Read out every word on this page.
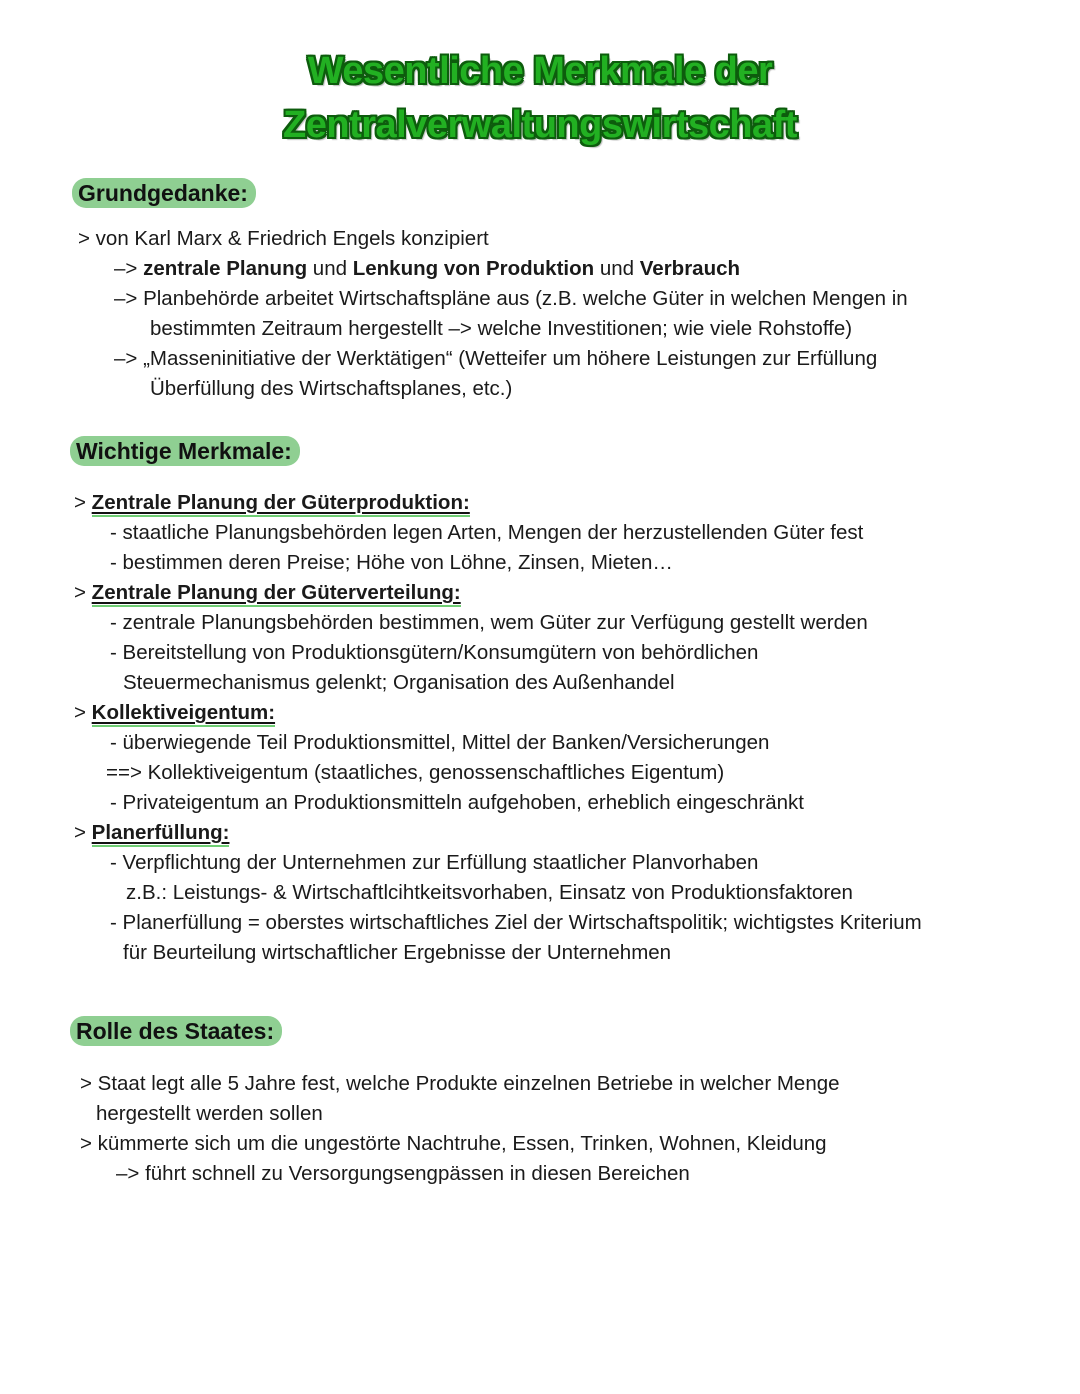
Wesentliche Merkmale der
Zentralverwaltungswirtschaft
Grundgedanke:
> von Karl Marx & Friedrich Engels konzipiert
–> zentrale Planung und Lenkung von Produktion und Verbrauch
–> Planbehörde arbeitet Wirtschaftspläne aus (z.B. welche Güter in welchen Mengen in
bestimmten Zeitraum hergestellt –> welche Investitionen; wie viele Rohstoffe)
–> „Masseninitiative der Werktätigen“ (Wetteifer um höhere Leistungen zur Erfüllung
Überfüllung des Wirtschaftsplanes, etc.)
Wichtige Merkmale:
> Zentrale Planung der Güterproduktion:
- staatliche Planungsbehörden legen Arten, Mengen der herzustellenden Güter fest
- bestimmen deren Preise; Höhe von Löhne, Zinsen, Mieten…
> Zentrale Planung der Güterverteilung:
- zentrale Planungsbehörden bestimmen, wem Güter zur Verfügung gestellt werden
- Bereitstellung von Produktionsgütern/Konsumgütern von behördlichen
Steuermechanismus gelenkt; Organisation des Außenhandel
> Kollektiveigentum:
- überwiegende Teil Produktionsmittel, Mittel der Banken/Versicherungen
==> Kollektiveigentum (staatliches, genossenschaftliches Eigentum)
- Privateigentum an Produktionsmitteln aufgehoben, erheblich eingeschränkt
> Planerfüllung:
- Verpflichtung der Unternehmen zur Erfüllung staatlicher Planvorhaben
z.B.: Leistungs- & Wirtschaftlcihtkeitsvorhaben, Einsatz von Produktionsfaktoren
- Planerfüllung = oberstes wirtschaftliches Ziel der Wirtschaftspolitik; wichtigstes Kriterium
für Beurteilung wirtschaftlicher Ergebnisse der Unternehmen
Rolle des Staates:
> Staat legt alle 5 Jahre fest, welche Produkte einzelnen Betriebe in welcher Menge
hergestellt werden sollen
> kümmerte sich um die ungestörte Nachtruhe, Essen, Trinken, Wohnen, Kleidung
–> führt schnell zu Versorgungsengpässen in diesen Bereichen
